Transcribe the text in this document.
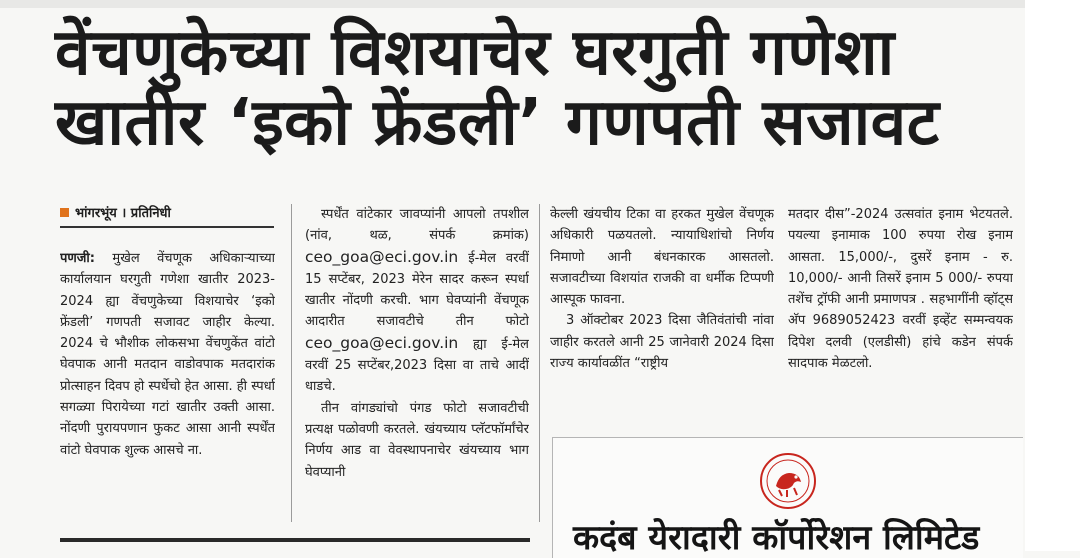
वेंचणुकेच्या विशयाचेर घरगुती गणेशा
खातीर ‘इको फ्रेंडली’ गणपती सजावट
भांगरभूंय । प्रतिनिधी

पणजी: मुखेल वेंचणूक अधिकाऱ्याच्या कार्यालयान घरगुती गणेशा खातीर 2023-2024 ह्या वेंचणुकेच्या विशयाचेर ‘इको फ्रेंडली’ गणपती सजावट जाहीर केल्या. 2024 चे भौशीक लोकसभा वेंचणुकेंत वांटो घेवपाक आनी मतदान वाडोवपाक मतदारांक प्रोत्साहन दिवप हो स्पर्धेचो हेत आसा. ही स्पर्धा सगळ्या पिरायेच्या गटां खातीर उक्ती आसा. नोंदणी पुरायपणान फुकट आसा आनी स्पर्धेंत वांटो घेवपाक शुल्क आसचे ना.

स्पर्धेंत वांटेकार जावप्यांनी आपलो तपशील (नांव, थळ, संपर्क क्रमांक) ceo_goa@eci.gov.in ई-मेल वरवीं 15 सप्टेंबर, 2023 मेरेन सादर करून स्पर्धा खातीर नोंदणी करची. भाग घेवप्यांनी वेंचणूक आदारीत सजावटीचे तीन फोटो ceo_goa@eci.gov.in ह्या ई-मेल वरवीं 25 सप्टेंबर,2023 दिसा वा ताचे आदीं धाडचे.

तीन वांगड्यांचो पंगड फोटो सजावटीची प्रत्यक्ष पळोवणी करतले. खंयच्याय प्लॅटफॉर्मांचेर निर्णय आड वा वेवस्थापनाचेर खंयच्याय भाग घेवप्यानी

केल्ली खंयचीय टिका वा हरकत मुखेल वेंचणूक अधिकारी पळयतलो. न्यायाधिशांचो निर्णय निमाणो आनी बंधनकारक आसतलो. सजावटीच्या विशयांत राजकी वा धर्मीक टिप्पणी आस्पूक फावना.

3 ऑक्टोबर 2023 दिसा जैतिवंतांची नांवा जाहीर करतले आनी 25 जानेवारी 2024 दिसा राज्य कार्यावळींत “राष्ट्रीय

मतदार दीस”-2024 उत्सवांत इनाम भेटयतले. पयल्या इनामाक 100 रुपया रोख इनाम आसता. 15,000/-, दुसरें इनाम - रु. 10,000/- आनी तिसरें इनाम 5 000/- रुपया तशेंच ट्रॉफी आनी प्रमाणपत्र . सहभागींनी व्हॉट्स अ‍ॅप 9689052423 वरवीं इव्हेंट सम्मन्वयक दिपेश दलवी (एलडीसी) हांचे कडेन संपर्क सादपाक मेळटलो.

कदंब येरादारी कॉर्पोरेशन लिमिटेड
